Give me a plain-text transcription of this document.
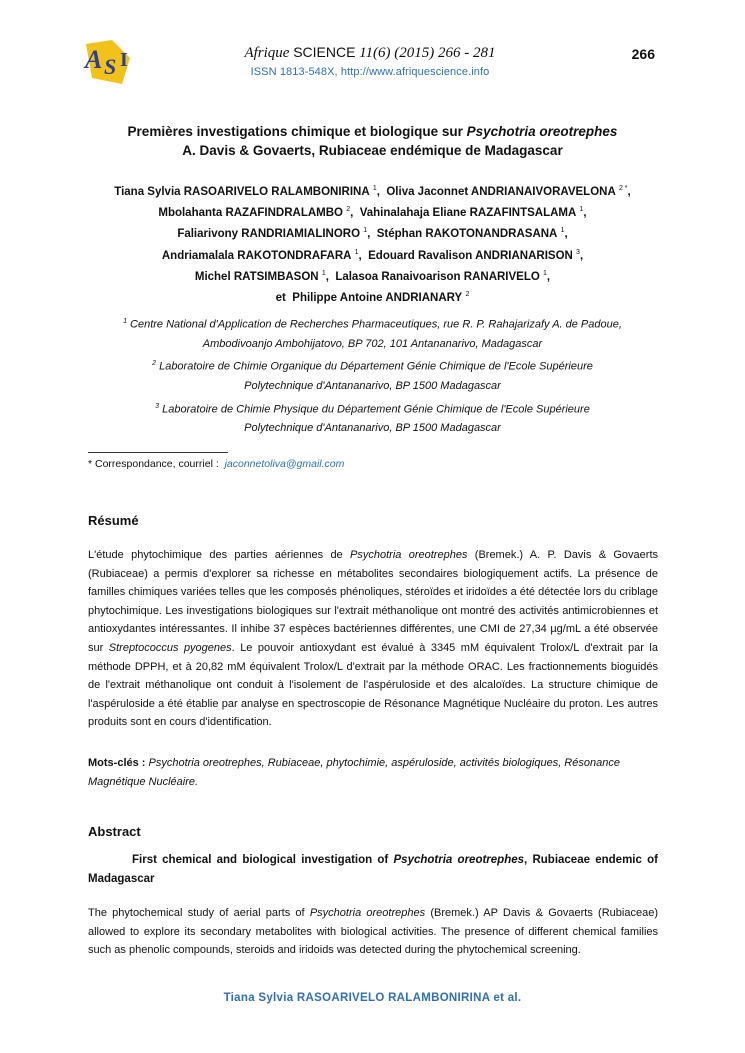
A S I	Afrique SCIENCE 11(6) (2015) 266 - 281
ISSN 1813-548X, http://www.afriquescience.info
266
Premières investigations chimique et biologique sur Psychotria oreotrephes
A. Davis & Govaerts, Rubiaceae endémique de Madagascar
Tiana Sylvia RASOARIVELO RALAMBONIRINA $^1$,  Oliva Jaconnet ANDRIANAIVORAVELONA $^{2 *}$,
Mbolahanta RAZAFINDRALAMBO $^2$,  Vahinalahaja Eliane RAZAFINTSALAMA $^1$,
Faliarivony RANDRIAMIALINORO $^1$,  Stéphan RAKOTONANDRASANA $^1$,
Andriamalala RAKOTONDRAFARA $^1$,  Edouard Ravalison ANDRIANARISON $^3$,
Michel RATSIMBASON $^1$,  Lalasoa Ranaivoarison RANARIVELO $^1$,
et Philippe Antoine ANDRIANARY $^2$
$^1$ Centre National d'Application de Recherches Pharmaceutiques, rue R. P. Rahajarizafy A. de Padoue,
Ambodivoanjo Ambohijatovo, BP 702, 101 Antananarivo, Madagascar
$^2$ Laboratoire de Chimie Organique du Département Génie Chimique de l'Ecole Supérieure
Polytechnique d'Antananarivo, BP 1500 Madagascar
$^3$ Laboratoire de Chimie Physique du Département Génie Chimique de l'Ecole Supérieure
Polytechnique d'Antananarivo, BP 1500 Madagascar
* Correspondance, courriel : jaconnetoliva@gmail.com
Résumé
L'étude phytochimique des parties aériennes de Psychotria oreotrephes (Bremek.) A. P. Davis & Govaerts (Rubiaceae) a permis d'explorer sa richesse en métabolites secondaires biologiquement actifs. La présence de familles chimiques variées telles que les composés phénoliques, stéroïdes et iridoïdes a été détectée lors du criblage phytochimique. Les investigations biologiques sur l'extrait méthanolique ont montré des activités antimicrobiennes et antioxydantes intéressantes. Il inhibe 37 espèces bactériennes différentes, une CMI de 27,34 µg/mL a été observée sur Streptococcus pyogenes. Le pouvoir antioxydant est évalué à 3345 mM équivalent Trolox/L d'extrait par la méthode DPPH, et à 20,82 mM équivalent Trolox/L d'extrait par la méthode ORAC. Les fractionnements bioguidés de l'extrait méthanolique ont conduit à l'isolement de l'aspéruloside et des alcaloïdes. La structure chimique de l'aspéruloside a été établie par analyse en spectroscopie de Résonance Magnétique Nucléaire du proton. Les autres produits sont en cours d'identification.
Mots-clés : Psychotria oreotrephes, Rubiaceae, phytochimie, aspéruloside, activités biologiques, Résonance Magnétique Nucléaire.
Abstract
First chemical and biological investigation of Psychotria oreotrephes, Rubiaceae endemic of Madagascar
The phytochemical study of aerial parts of Psychotria oreotrephes (Bremek.) AP Davis & Govaerts (Rubiaceae) allowed to explore its secondary metabolites with biological activities. The presence of different chemical families such as phenolic compounds, steroids and iridoids was detected during the phytochemical screening.
Tiana Sylvia RASOARIVELO RALAMBONIRINA et al.
